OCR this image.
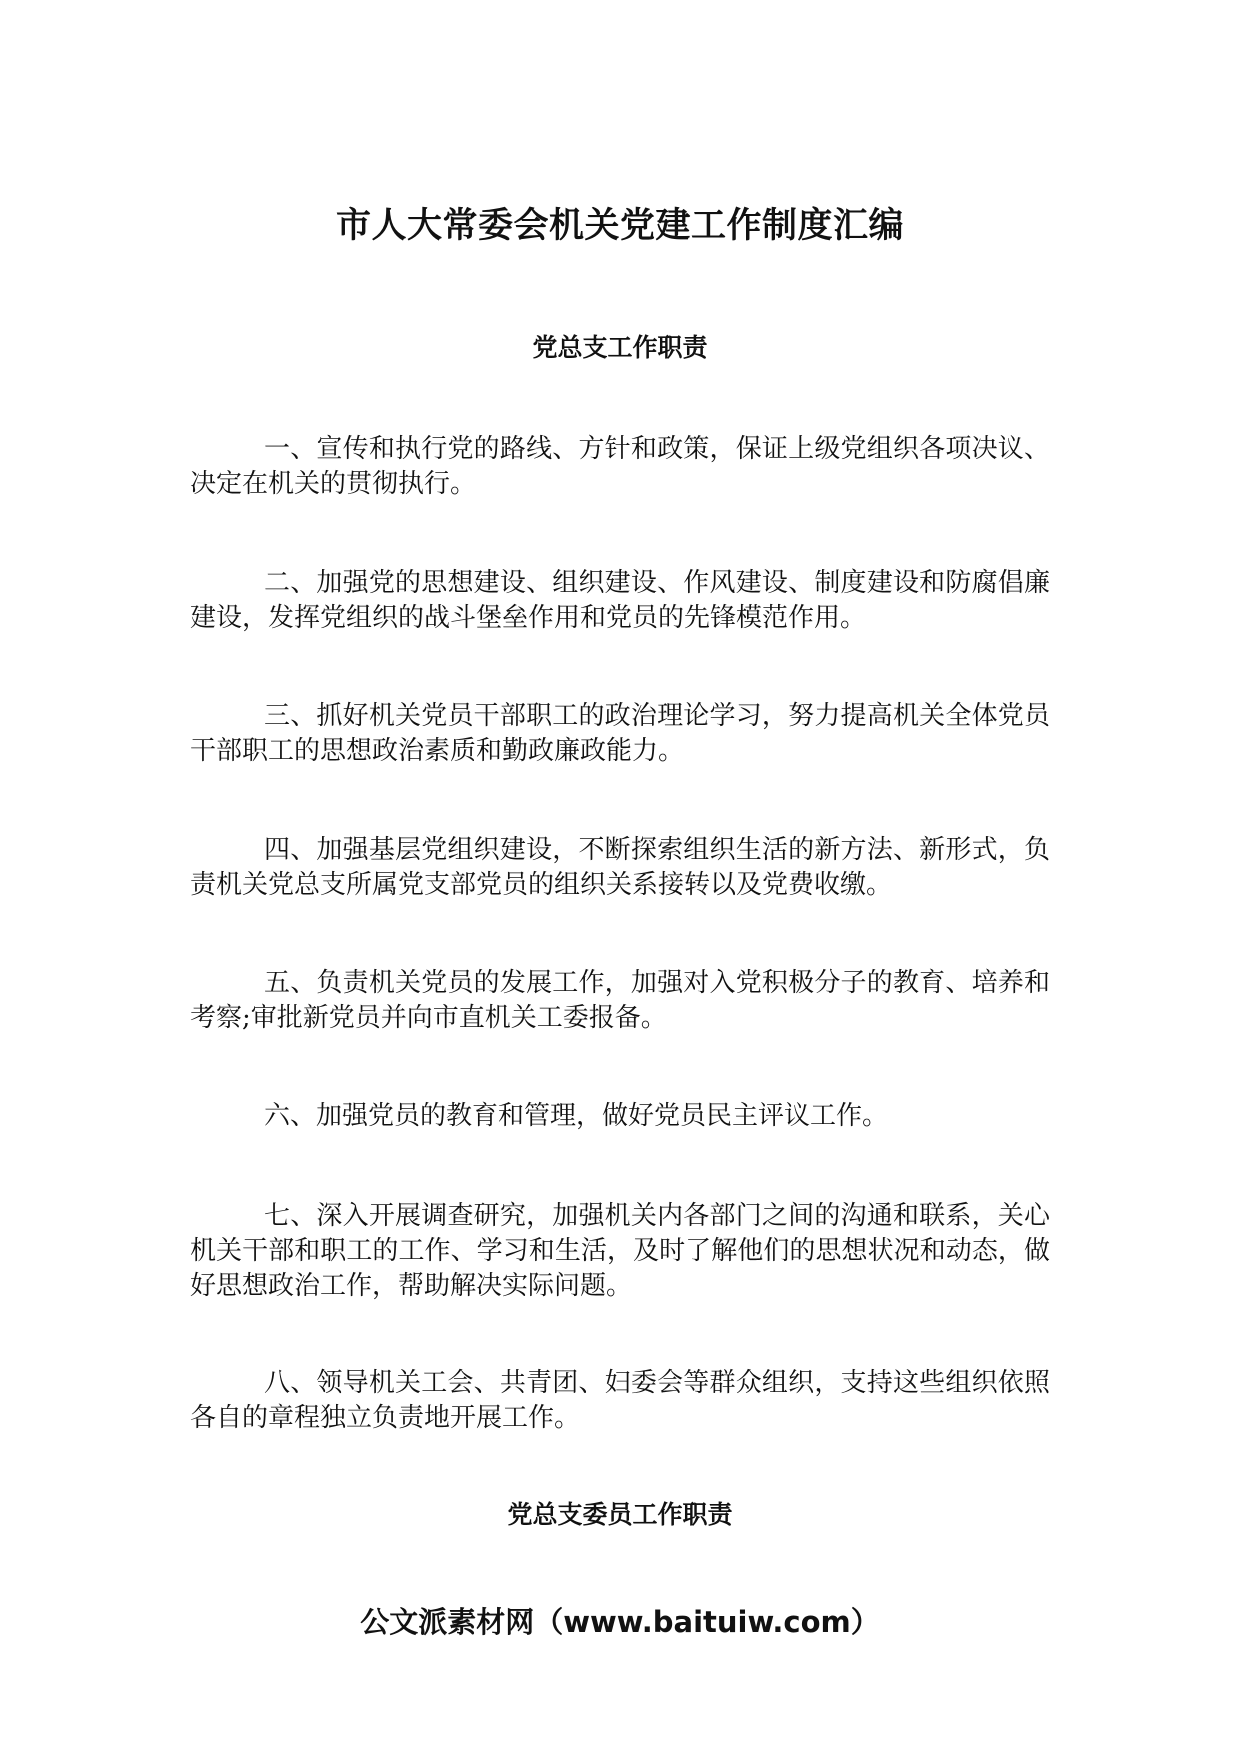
市人大常委会机关党建工作制度汇编
党总支工作职责

一、宣传和执行党的路线、方针和政策，保证上级党组织各项决议、决定在机关的贯彻执行。

二、加强党的思想建设、组织建设、作风建设、制度建设和防腐倡廉建设，发挥党组织的战斗堡垒作用和党员的先锋模范作用。

三、抓好机关党员干部职工的政治理论学习，努力提高机关全体党员干部职工的思想政治素质和勤政廉政能力。

四、加强基层党组织建设，不断探索组织生活的新方法、新形式，负责机关党总支所属党支部党员的组织关系接转以及党费收缴。

五、负责机关党员的发展工作，加强对入党积极分子的教育、培养和考察;审批新党员并向市直机关工委报备。

六、加强党员的教育和管理，做好党员民主评议工作。

七、深入开展调查研究，加强机关内各部门之间的沟通和联系，关心机关干部和职工的工作、学习和生活，及时了解他们的思想状况和动态，做好思想政治工作，帮助解决实际问题。

八、领导机关工会、共青团、妇委会等群众组织，支持这些组织依照各自的章程独立负责地开展工作。

党总支委员工作职责
公文派素材网（www.baituiw.com）
